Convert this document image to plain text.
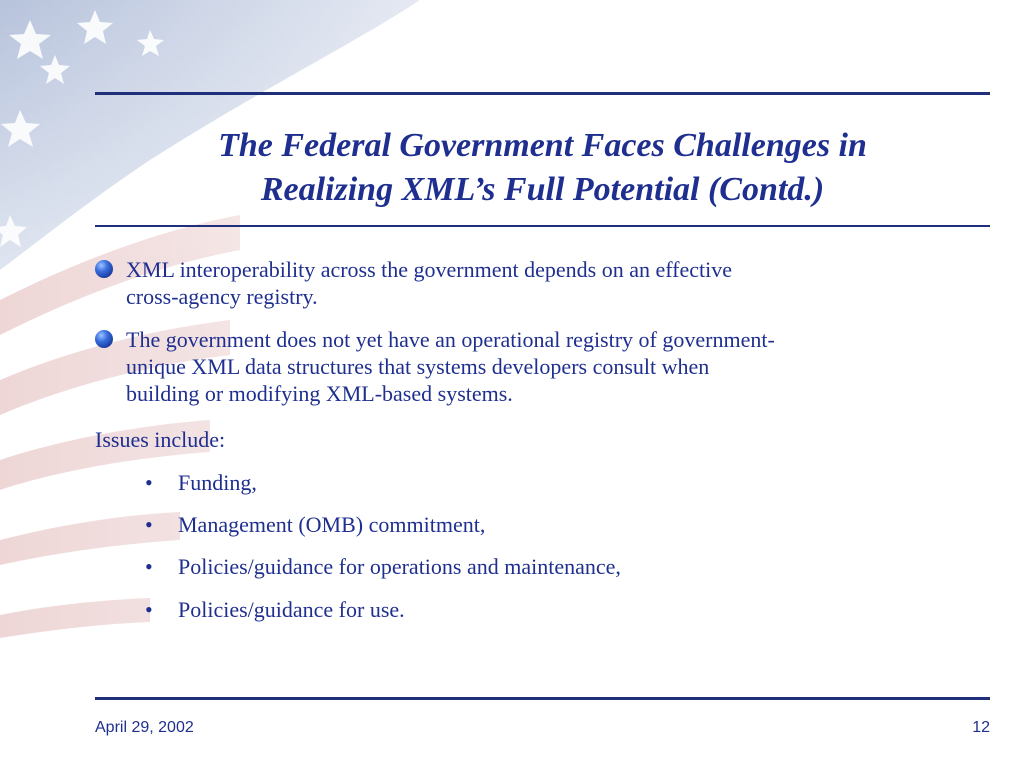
The Federal Government Faces Challenges in
Realizing XML’s Full Potential (Contd.)
XML interoperability across the government depends on an effective
cross-agency registry.
The government does not yet have an operational registry of government-
unique XML data structures that systems developers consult when
building or modifying XML-based systems.
Issues include:
• Funding,
• Management (OMB) commitment,
• Policies/guidance for operations and maintenance,
• Policies/guidance for use.
April 29, 2002	12
